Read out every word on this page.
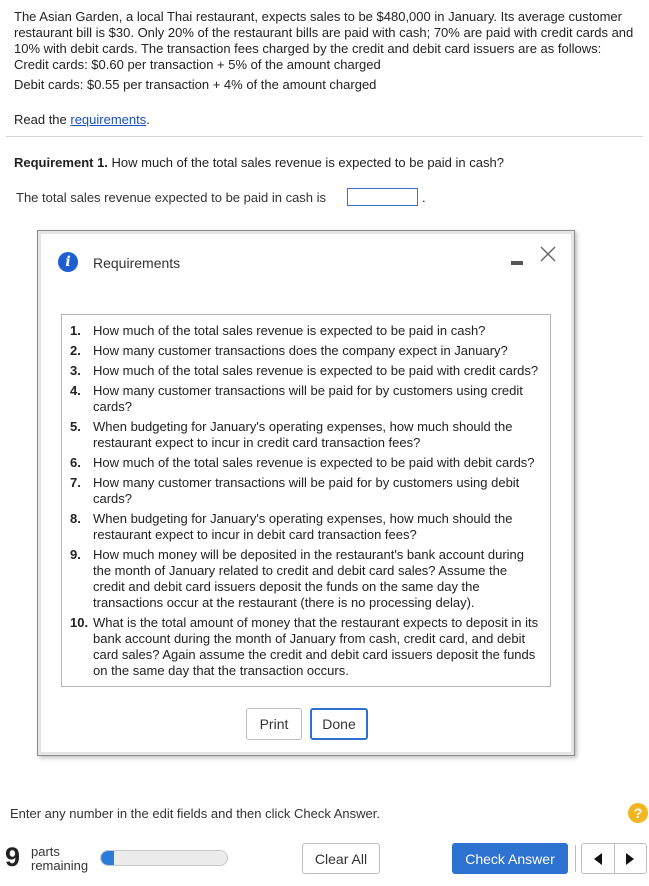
The Asian Garden, a local Thai restaurant, expects sales to be $480,000 in January. Its average customer restaurant bill is $30. Only 20% of the restaurant bills are paid with cash; 70% are paid with credit cards and 10% with debit cards. The transaction fees charged by the credit and debit card issuers are as follows:

Credit cards: $0.60 per transaction + 5% of the amount charged

Debit cards: $0.55 per transaction + 4% of the amount charged

Read the requirements.
Requirement 1. How much of the total sales revenue is expected to be paid in cash?
The total sales revenue expected to be paid in cash is	.
i	Requirements
1. How much of the total sales revenue is expected to be paid in cash?
2. How many customer transactions does the company expect in January?
3. How much of the total sales revenue is expected to be paid with credit cards?
4. How many customer transactions will be paid for by customers using credit cards?
5. When budgeting for January's operating expenses, how much should the restaurant expect to incur in credit card transaction fees?
6. How much of the total sales revenue is expected to be paid with debit cards?
7. How many customer transactions will be paid for by customers using debit cards?
8. When budgeting for January's operating expenses, how much should the restaurant expect to incur in debit card transaction fees?
9. How much money will be deposited in the restaurant's bank account during the month of January related to credit and debit card sales? Assume the credit and debit card issuers deposit the funds on the same day the transactions occur at the restaurant (there is no processing delay).
10. What is the total amount of money that the restaurant expects to deposit in its bank account during the month of January from cash, credit card, and debit card sales? Again assume the credit and debit card issuers deposit the funds on the same day that the transaction occurs.
Print	Done
Enter any number in the edit fields and then click Check Answer.	?
9 parts
remaining	Clear All	Check Answer
